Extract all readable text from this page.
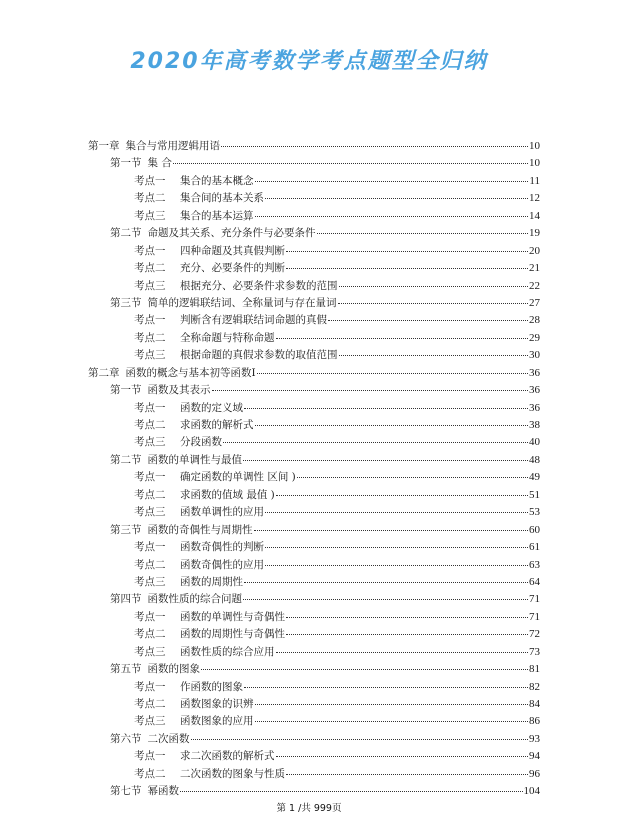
2020年高考数学考点题型全归纳
第一章 集合与常用逻辑用语	10
第一节 集 合	10
考点一 集合的基本概念	11
考点二 集合间的基本关系	12
考点三 集合的基本运算	14
第二节 命题及其关系、充分条件与必要条件	19
考点一 四种命题及其真假判断	20
考点二 充分、必要条件的判断	21
考点三 根据充分、必要条件求参数的范围	22
第三节 简单的逻辑联结词、全称量词与存在量词	27
考点一 判断含有逻辑联结词命题的真假	28
考点二 全称命题与特称命题	29
考点三 根据命题的真假求参数的取值范围	30
第二章 函数的概念与基本初等函数Ⅰ	36
第一节 函数及其表示	36
考点一 函数的定义域	36
考点二 求函数的解析式	38
考点三 分段函数	40
第二节 函数的单调性与最值	48
考点一 确定函数的单调性 区间 )	49
考点二 求函数的值域 最值 )	51
考点三 函数单调性的应用	53
第三节 函数的奇偶性与周期性	60
考点一 函数奇偶性的判断	61
考点二 函数奇偶性的应用	63
考点三 函数的周期性	64
第四节 函数性质的综合问题	71
考点一 函数的单调性与奇偶性	71
考点二 函数的周期性与奇偶性	72
考点三 函数性质的综合应用	73
第五节 函数的图象	81
考点一 作函数的图象	82
考点二 函数图象的识辨	84
考点三 函数图象的应用	86
第六节 二次函数	93
考点一 求二次函数的解析式	94
考点二 二次函数的图象与性质	96
第七节 幂函数	104
第 1 /共 999页
